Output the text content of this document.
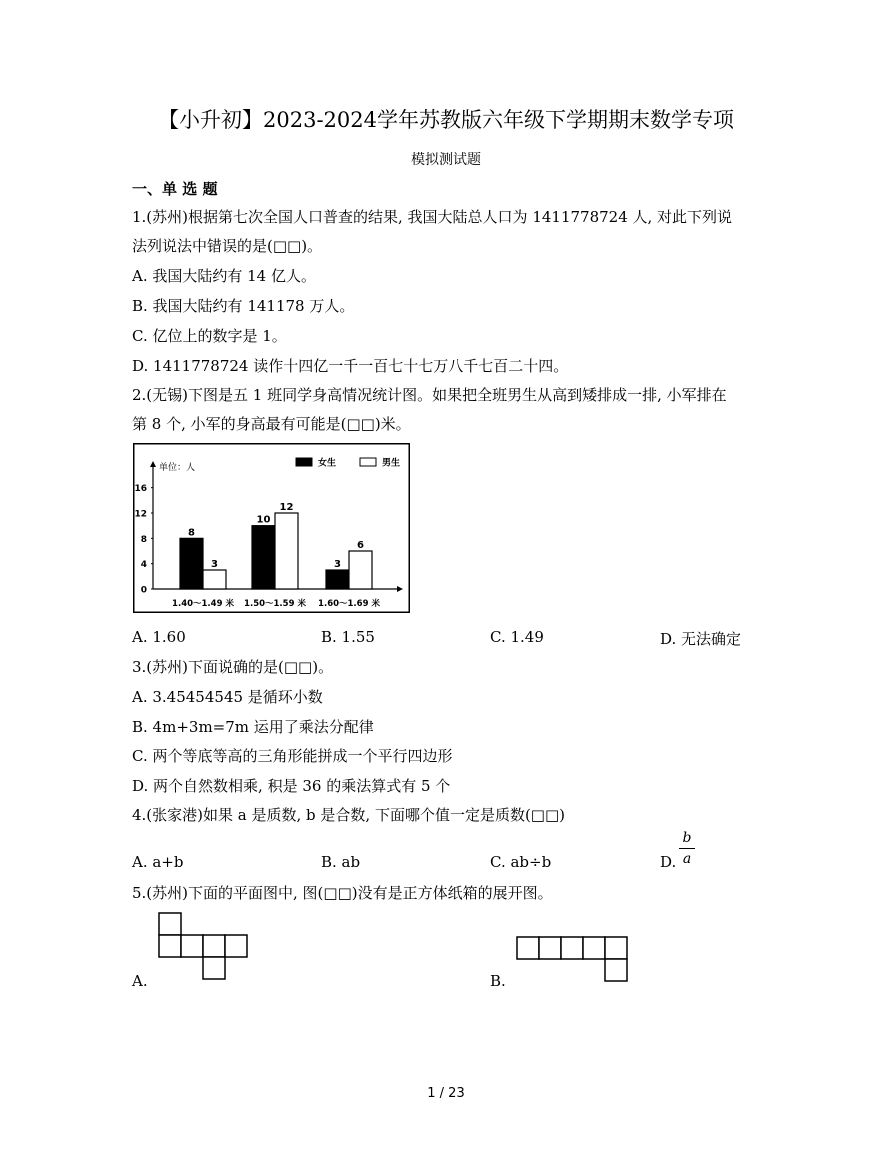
【小升初】2023-2024学年苏教版六年级下学期期末数学专项
模拟测试题
一、单 选 题
1.(苏州)根据第七次全国人口普查的结果, 我国大陆总人口为 1411778724 人, 对此下列说
法列说法中错误的是(□□)。
A. 我国大陆约有 14 亿人。
B. 我国大陆约有 141178 万人。
C. 亿位上的数字是 1。
D. 1411778724 读作十四亿一千一百七十七万八千七百二十四。
2.(无锡)下图是五 1 班同学身高情况统计图。如果把全班男生从高到矮排成一排, 小军排在
第 8 个, 小军的身高最有可能是(□□)米。
单位：人
16
12
8
4
0
女生	男生
8
3
1.40～1.49 米
10
12
1.50～1.59 米
3
6
1.60～1.69 米
A. 1.60	B. 1.55	C. 1.49	D. 无法确定
3.(苏州)下面说确的是(□□)。
A. 3.45454545 是循环小数
B. 4m+3m=7m 运用了乘法分配律
C. 两个等底等高的三角形能拼成一个平行四边形
D. 两个自然数相乘, 积是 36 的乘法算式有 5 个
4.(张家港)如果 a 是质数, b 是合数, 下面哪个值一定是质数(□□)
A. a+b	B. ab	C. ab÷b	D.
b
a
5.(苏州)下面的平面图中, 图(□□)没有是正方体纸箱的展开图。
A.	B.
1 / 23
